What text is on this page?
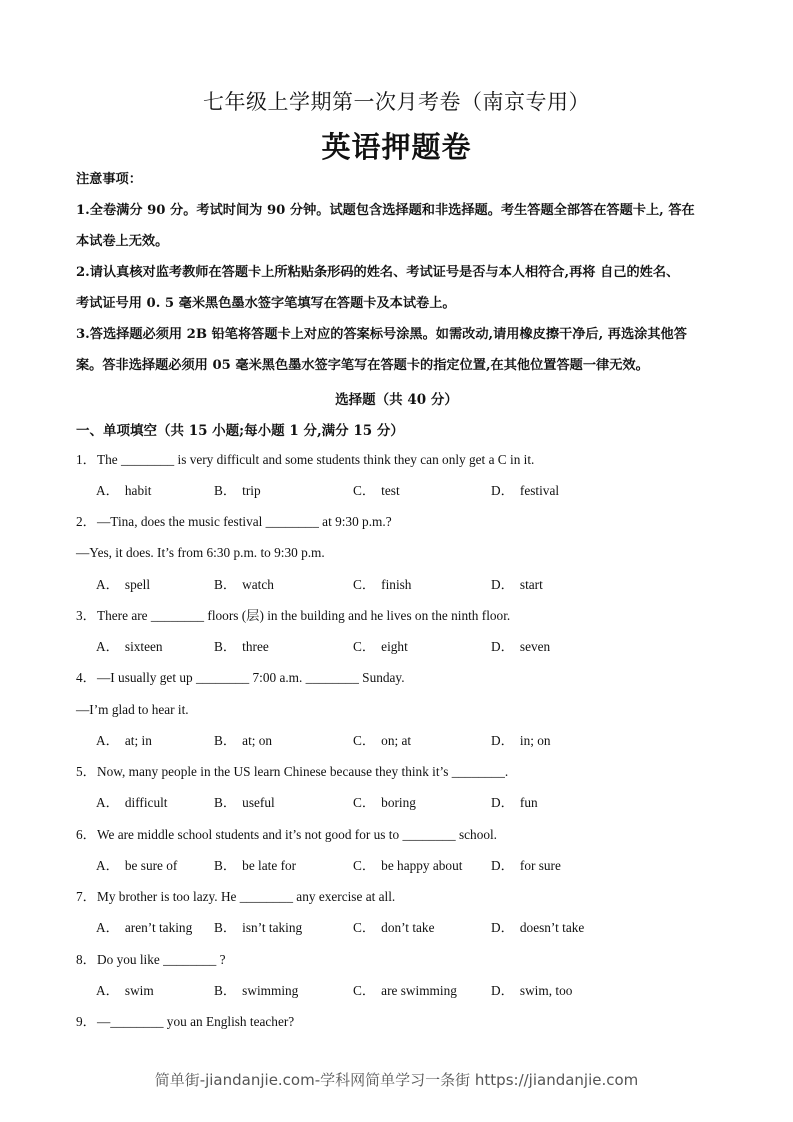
七年级上学期第一次月考卷（南京专用）
英语押题卷
注意事项：
1.全卷满分 90 分。考试时间为 90 分钟。试题包含选择题和非选择题。考生答题全部答在答题卡上, 答在
本试卷上无效。
2.请认真核对监考教师在答题卡上所粘贴条形码的姓名、考试证号是否与本人相符合,再将 自己的姓名、
考试证号用 0. 5 毫米黑色墨水签字笔填写在答题卡及本试卷上。
3.答选择题必须用 2B 铅笔将答题卡上对应的答案标号涂黑。如需改动,请用橡皮擦干净后, 再选涂其他答
案。答非选择题必须用 05 毫米黑色墨水签字笔写在答题卡的指定位置,在其他位置答题一律无效。
选择题（共 40 分）
一、单项填空（共 15 小题;每小题 1 分,满分 15 分）
1．The ________ is very difficult and some students think they can only get a C in it.
A． habit	B． trip	C． test	D． festival
2．—Tina, does the music festival ________ at 9:30 p.m.?
—Yes, it does. It’s from 6:30 p.m. to 9:30 p.m.
A． spell	B． watch	C． finish	D． start
3．There are ________ floors (层) in the building and he lives on the ninth floor.
A． sixteen	B． three	C． eight	D． seven
4．—I usually get up ________ 7:00 a.m. ________ Sunday.
—I’m glad to hear it.
A． at; in	B． at; on	C． on; at	D． in; on
5．Now, many people in the US learn Chinese because they think it’s ________.
A． difficult	B． useful	C． boring	D． fun
6．We are middle school students and it’s not good for us to ________ school.
A． be sure of	B． be late for	C． be happy about D． for sure
7．My brother is too lazy. He ________ any exercise at all.
A． aren’t taking B． isn’t taking	C． don’t take	D． doesn’t take
8．Do you like ________ ?
A． swim	B． swimming	C． are swimming	D． swim, too
9．—________ you an English teacher?
简单街-jiandanjie.com-学科网简单学习一条街 https://jiandanjie.com
